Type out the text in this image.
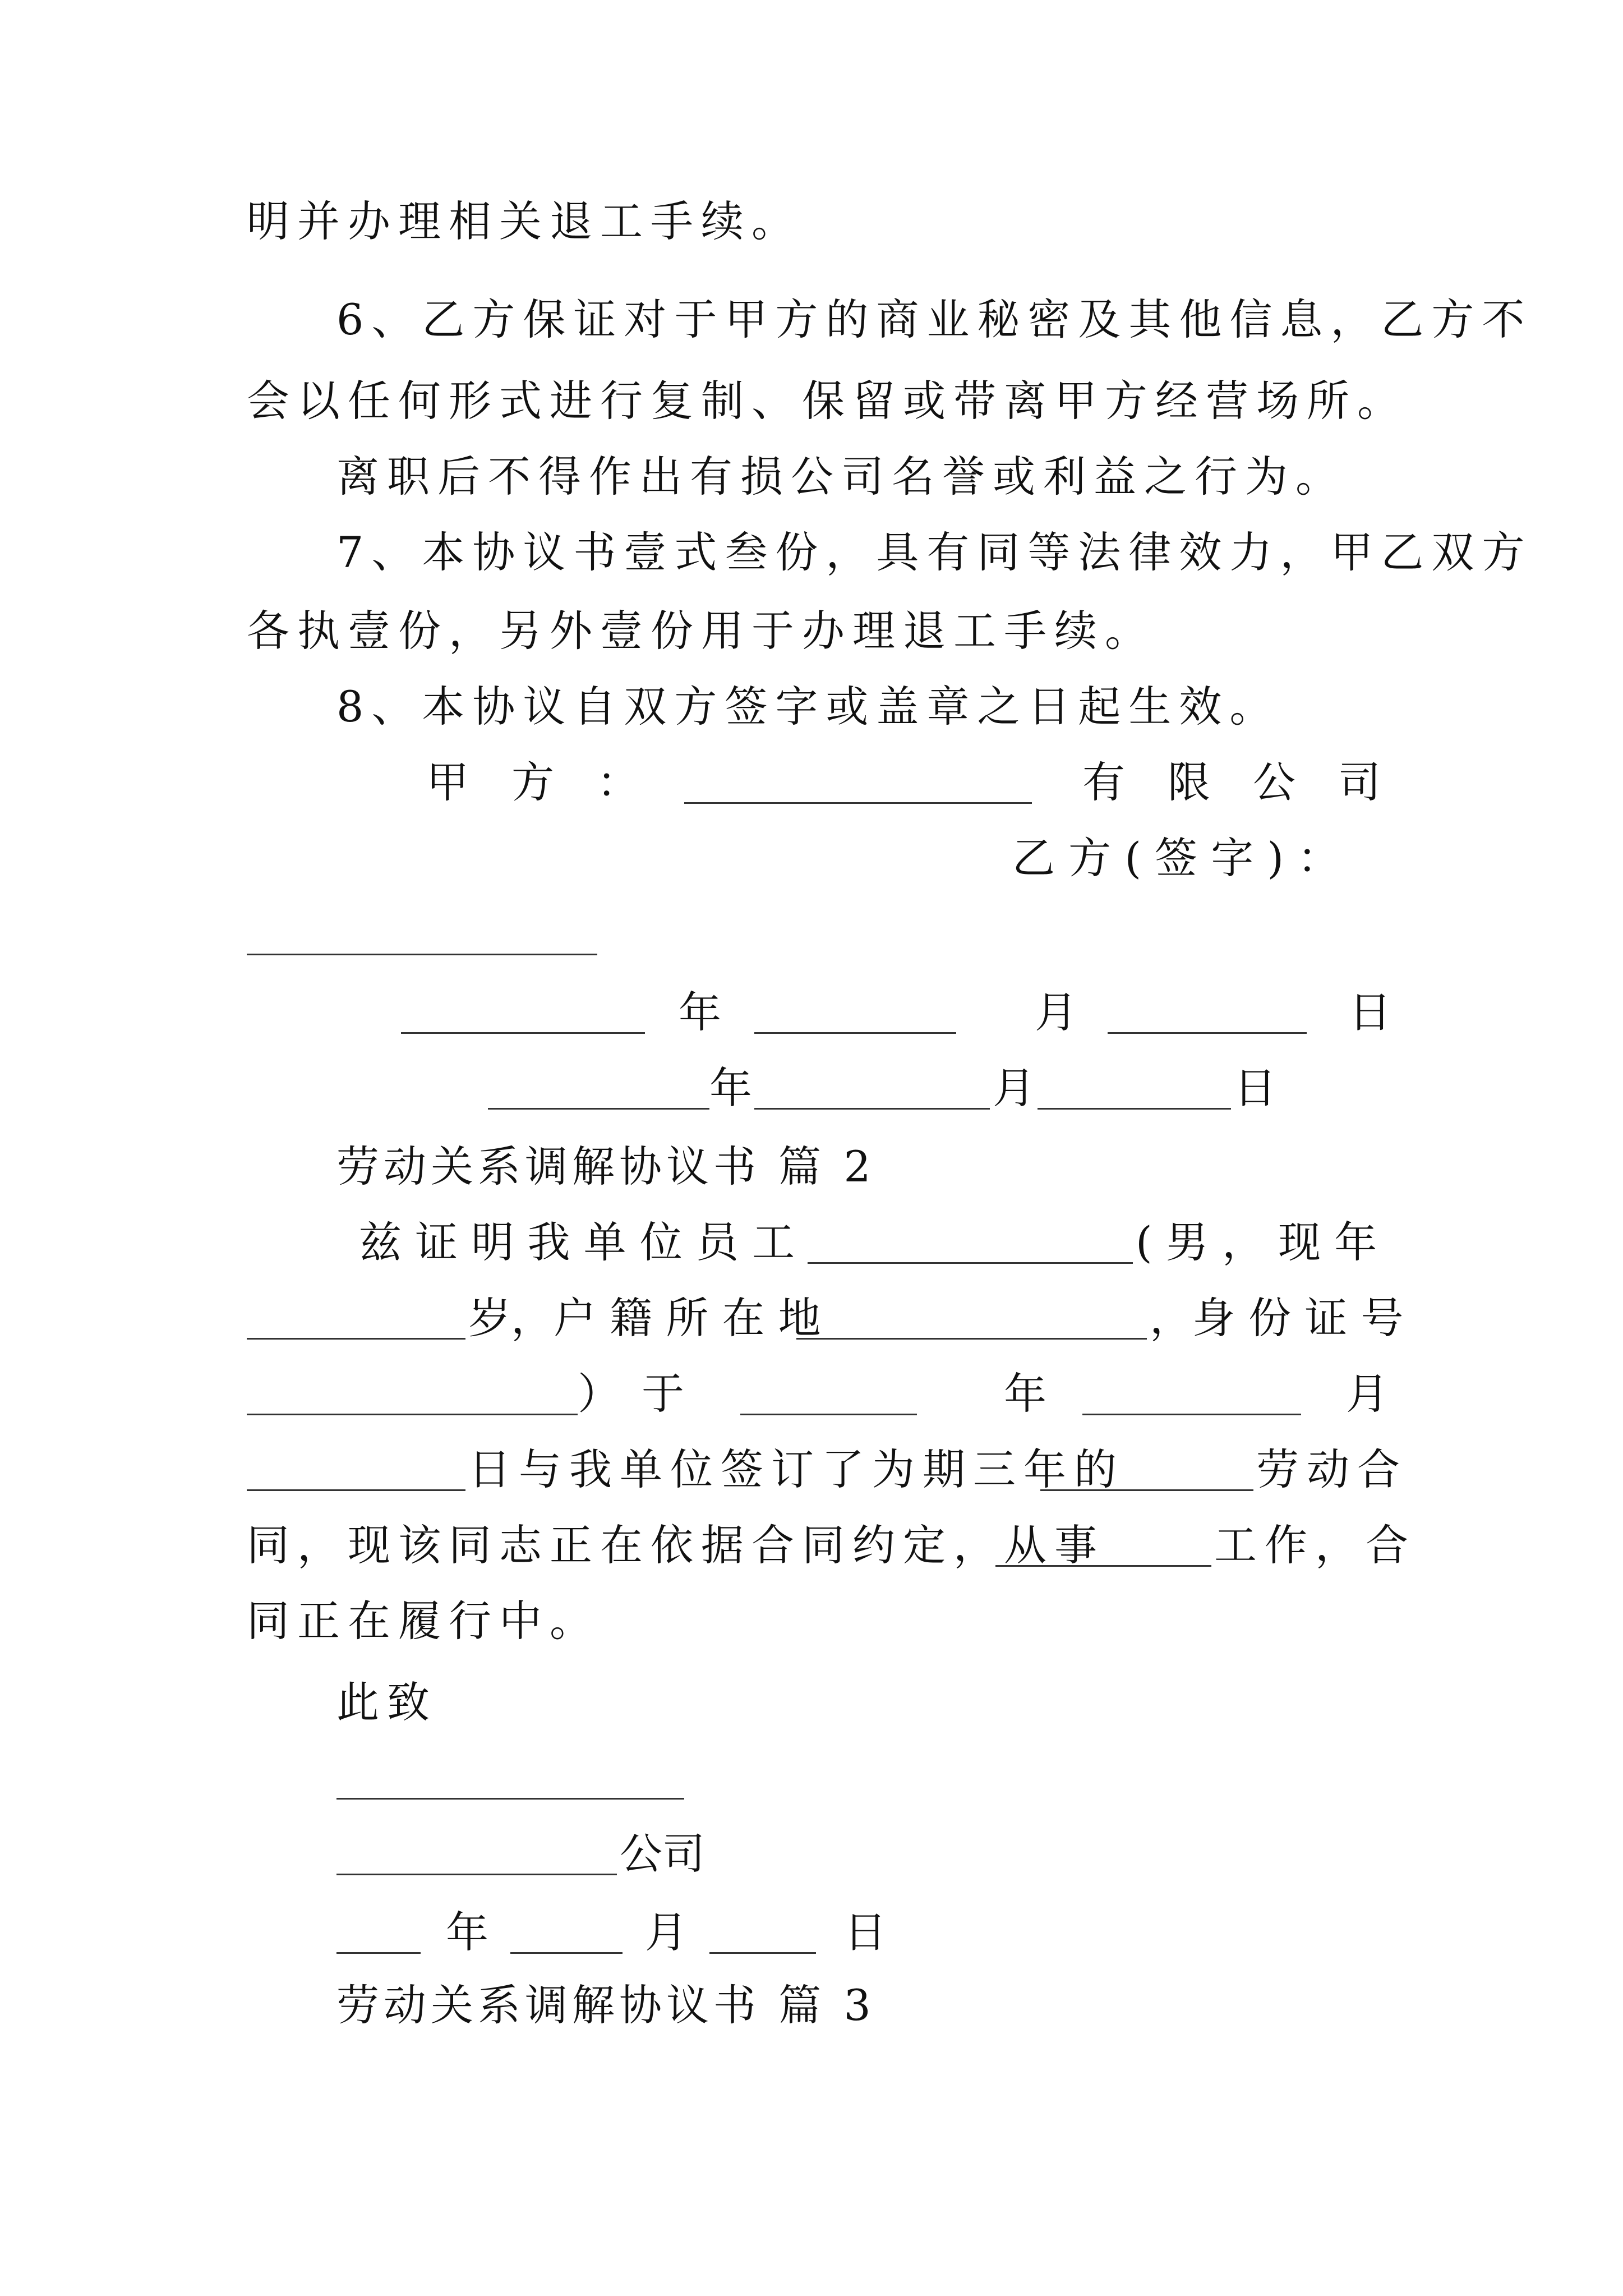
明并办理相关退工手续。
6、乙方保证对于甲方的商业秘密及其他信息，乙方不
会以任何形式进行复制、保留或带离甲方经营场所。
离职后不得作出有损公司名誉或利益之行为。
7、本协议书壹式叁份，具有同等法律效力，甲乙双方
各执壹份，另外壹份用于办理退工手续。
8、本协议自双方签字或盖章之日起生效。
甲　方　：	有　限　公　司
乙 方 ( 签 字 ) ：
年	月	日
年	月	日
劳动关系调解协议书 篇 2
兹 证 明 我 单 位 员 工	( 男 ， 现 年
岁，户 籍 所 在 地	，身 份 证 号
）　于	年	月
日与我单位签订了为期三年的	劳动合
同，现该同志正在依据合同约定，从事	工作，合
同正在履行中。
此致
公司
年	月	日
劳动关系调解协议书 篇 3
